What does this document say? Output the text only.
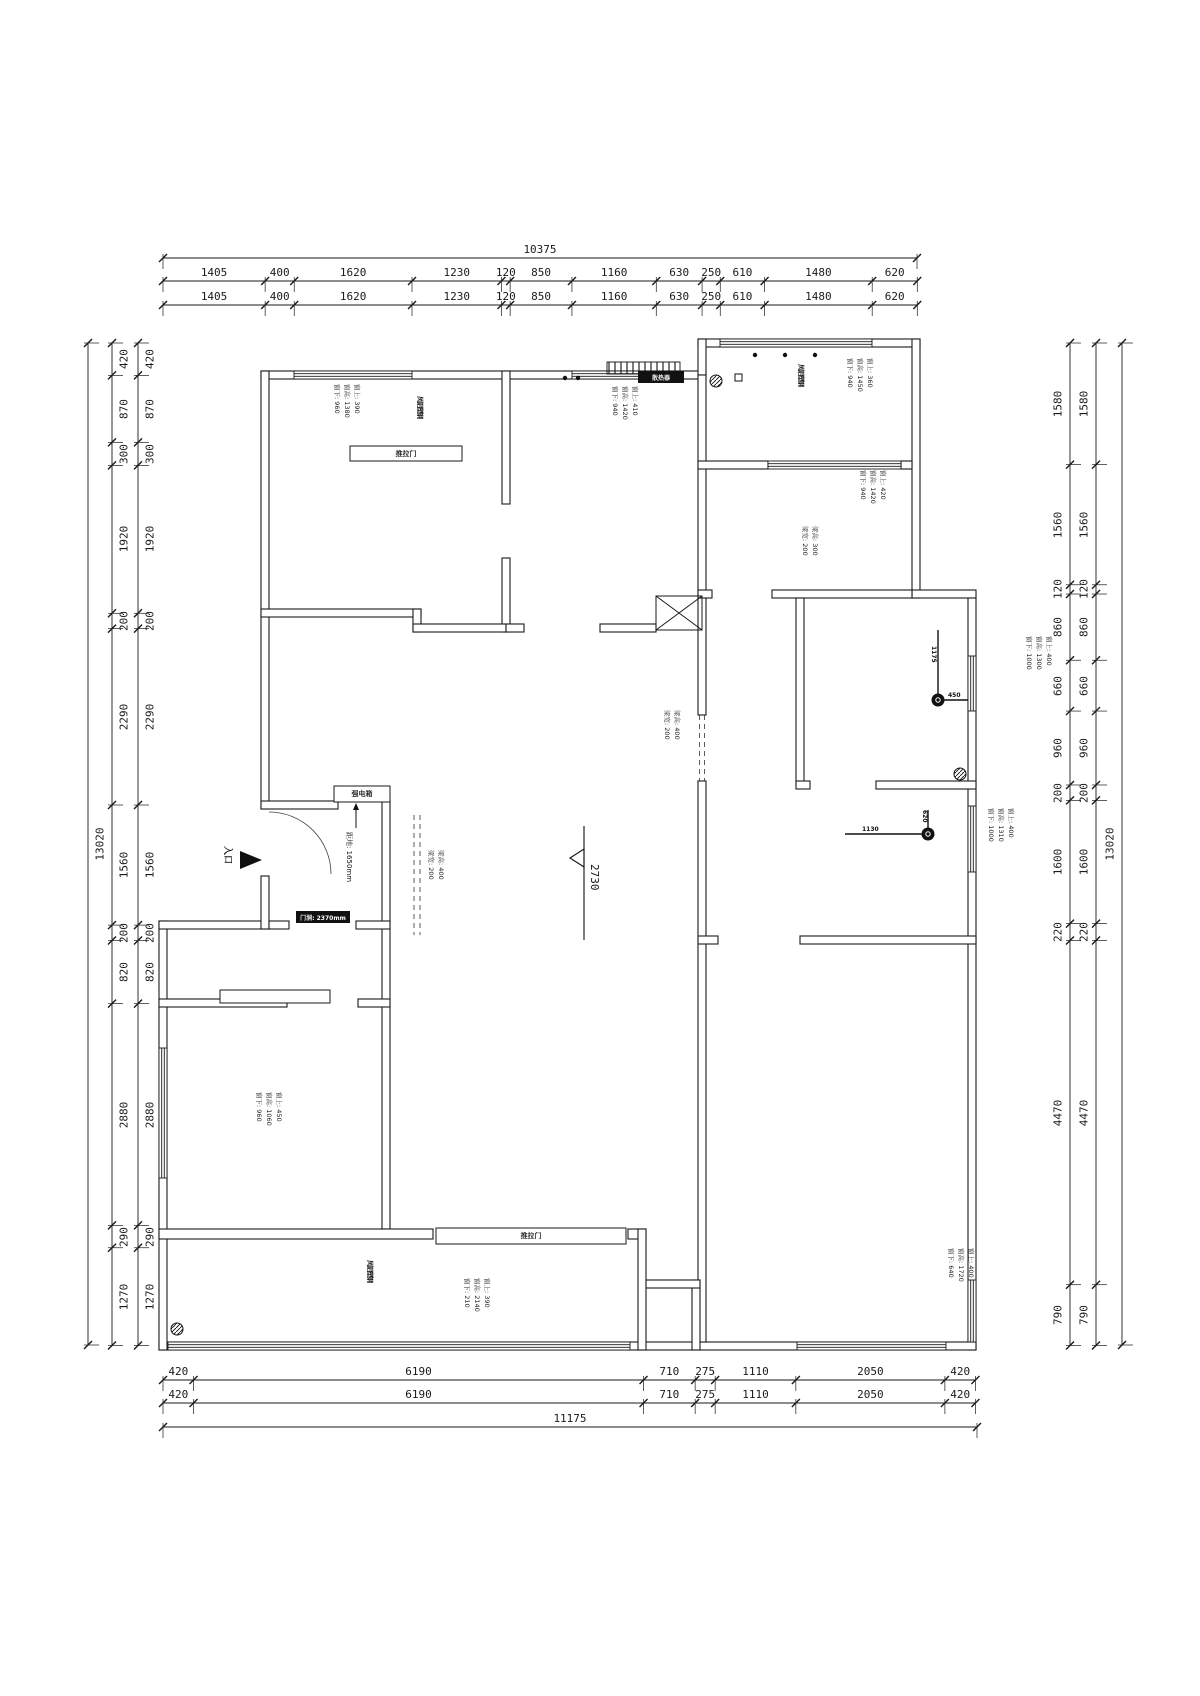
窗上: 390
窗高: 1380
窗下: 960	窗上: 410
窗高: 1420
窗下: 940
窗上: 360
窗高: 1450
窗下: 940
窗上: 420
窗高: 1420
窗下: 940
窗上: 400
窗高: 1300
窗下: 1000
窗上: 400
窗高: 1310
窗下: 1000
窗上: 400
窗高: 1720
窗下: 640
窗上: 390
窗高: 2140
窗下: 210
窗上: 450
窗高: 1060
窗下: 960
梁高: 300
梁宽: 200
梁高: 400
梁宽: 200
梁高: 400
梁宽: 200
入口	距地: 1650mm	2730
强电箱
推拉门
推拉门
门洞: 2370mm
散热器
凤铝塑钢
凤铝塑钢
凤铝塑钢
1175
450
1130
620
10375
1405	400	1620	1230 120 850	1160	630 250 610	1480	620
1405	400	1620	1230 120 850	1160	630 250 610	1480	620
420	6190	710 275 1110	2050	420
420	6190	710 275 1110	2050	420
11175
13020
420
870
300
1920
200
2290
1560
200
820
2880
290
1270
420
870
300
1920
200
2290
1560
200
820
2880
290
1270
1580
1560
120
860
660
960
200
1600
220
4470
790
1580
1560
120
860
660
960
200
1600
220
4470
790
13020
